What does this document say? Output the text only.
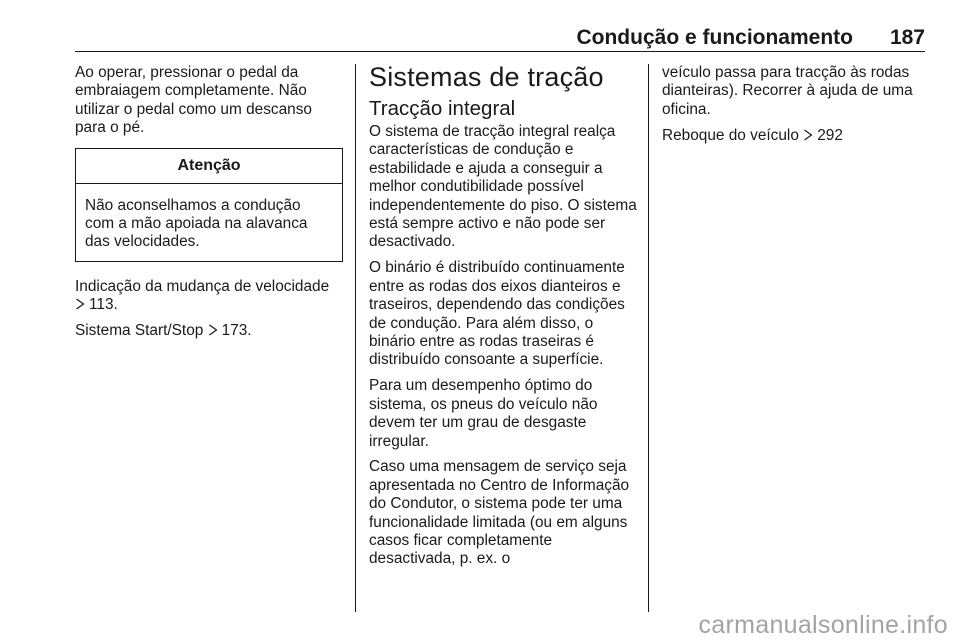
Condução e funcionamento 187

Ao operar, pressionar o pedal da embraiagem completamente. Não utilizar o pedal como um descanso para o pé.

Atenção
Não aconselhamos a condução com a mão apoiada na alavanca das velocidades.

Indicação da mudança de velocidade 113.

Sistema Start/Stop 173.

Sistemas de tração
Tracção integral

O sistema de tracção integral realça características de condução e estabilidade e ajuda a conseguir a melhor condutibilidade possível independentemente do piso. O sistema está sempre activo e não pode ser desactivado.

O binário é distribuído continuamente entre as rodas dos eixos dianteiros e traseiros, dependendo das condições de condução. Para além disso, o binário entre as rodas traseiras é distribuído consoante a superfície.

Para um desempenho óptimo do sistema, os pneus do veículo não devem ter um grau de desgaste irregular.

Caso uma mensagem de serviço seja apresentada no Centro de Informação do Condutor, o sistema pode ter uma funcionalidade limitada (ou em alguns casos ficar completamente desactivada, p. ex. o

veículo passa para tracção às rodas dianteiras). Recorrer à ajuda de uma oficina.

Reboque do veículo 292

carmanualsonline.info
